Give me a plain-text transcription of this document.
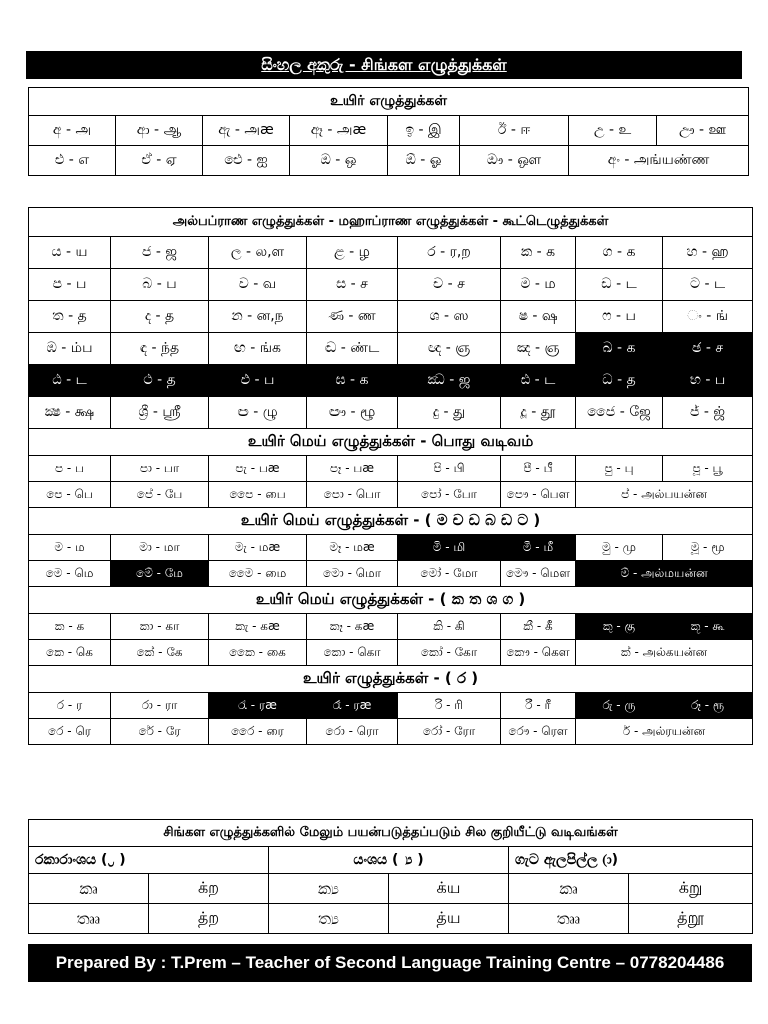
සිංහල අකුරු - சிங்கள எழுத்துக்கள்
உயிர் எழுத்துக்கள்							
අ - அ	ආ - ஆ	ඇ - அæ	ඈ - அæ	ඉ - இ	ඊ - ஈ	උ - உ	ඌ - ஊ
එ - எ	ඒ - ஏ	ඓ - ஐ	ඔ - ஒ	ඕ - ஓ	ඖ - ஔ	අං - அங்யண்ண	
அல்பப்ராண எழுத்துக்கள் - மஹாப்ராண எழுத்துக்கள் - கூட்டெழுத்துக்கள்							
ය - ய	ජ - ஜ	ල - ல,ள	ළ - ழ	ර - ர,ற	ක - க	ග - க	හ - ஹ
ප - ப	බ - ப	ව - வ	ස - ச	ච - ச	ම - ம	ඩ - ட	ට - ட
ත - த	ද - த	න - ன,ந	ණ - ண	ශ - ஸ	ෂ - ஷ	ෆ - ப	ං - ங்
ඹ - ம்ப	ඳ - ந்த	ඟ - ங்க	ඬ - ண்ட	ඥ - ஞ	ඤ - ஞ	ඛ - க	ඡ - ச
ඨ - ட	ථ - த	ඵ - ப	ඝ - க	ඣ - ஜ	ඪ - ட	ධ - த	භ - ப
ක්‍ෂ - க்ஷ	ශ්‍රී - ஸ்ரீ	ඏ - ழு	ඐ - ழூ	දු - து	දූ - தூ	ජෛ - ஜே	ජ් - ஜ்
உயிர் மெய் எழுத்துக்கள் - பொது வடிவம்							
ප - ப	පා - பா	පැ - பæ	පෑ - பæ	පි - பி	පී - பீ	පු - பு	පූ - பூ
පෙ - பெ	පේ - பே	පෛ - பை	පො - பொ	පෝ - போ	පෞ - பௌ	ප් - அல்பயன்ன	
உயிர் மெய் எழுத்துக்கள் - ( ම ච ඩ බ ඩ ට )							
ම - ம	මා - மா	මැ - மæ	මෑ - மæ	මි - மி	මී - மீ	මු - மு	මූ - மூ
මෙ - மெ	මේ - மே	මෛ - மை	මො - மொ	මෝ - மோ	මෞ - மௌ	ම් - அல்மயன்ன	
உயிர் மெய் எழுத்துக்கள் - ( ක ත ශ ග )							
ක - க	කා - கா	කැ - கæ	කෑ - கæ	කි - கி	කී - கீ	කු - கு	කූ - கூ
කෙ - கெ	කේ - கே	කෛ - கை	කො - கொ	කෝ - கோ	කෞ - கௌ	ක් - அல்கயன்ன	
உயிர் எழுத்துக்கள் - ( ර )							
ර - ர	රා - ரா	රැ - ரæ	රෑ - ரæ	රි - ரி	රී - ரீ	රු - ரு	රූ - ரூ
රෙ - ரெ	රේ - ரே	රෛ - ரை	රො - ரொ	රෝ - ரோ	රෞ - ரௌ	ර් - அல்ரயன்ன	
சிங்கள எழுத்துக்களில் மேலும் பயன்படுத்தப்படும் சில குறியீட்டு வடிவங்கள்					
රකාරාංශය ( ‍්‍ර )		යංශය ( ‍්‍ය )		ගැට ඇලපිල්ල (ා)	
ක්‍රු	க்ற	ක්‍ය	க்ய	කෘ	க்று
ත්‍රූ	த்ற	ත්‍ය	த்ய	තෲ	த்றூ
Prepared By : T.Prem – Teacher of Second Language Training Centre – 0778204486
